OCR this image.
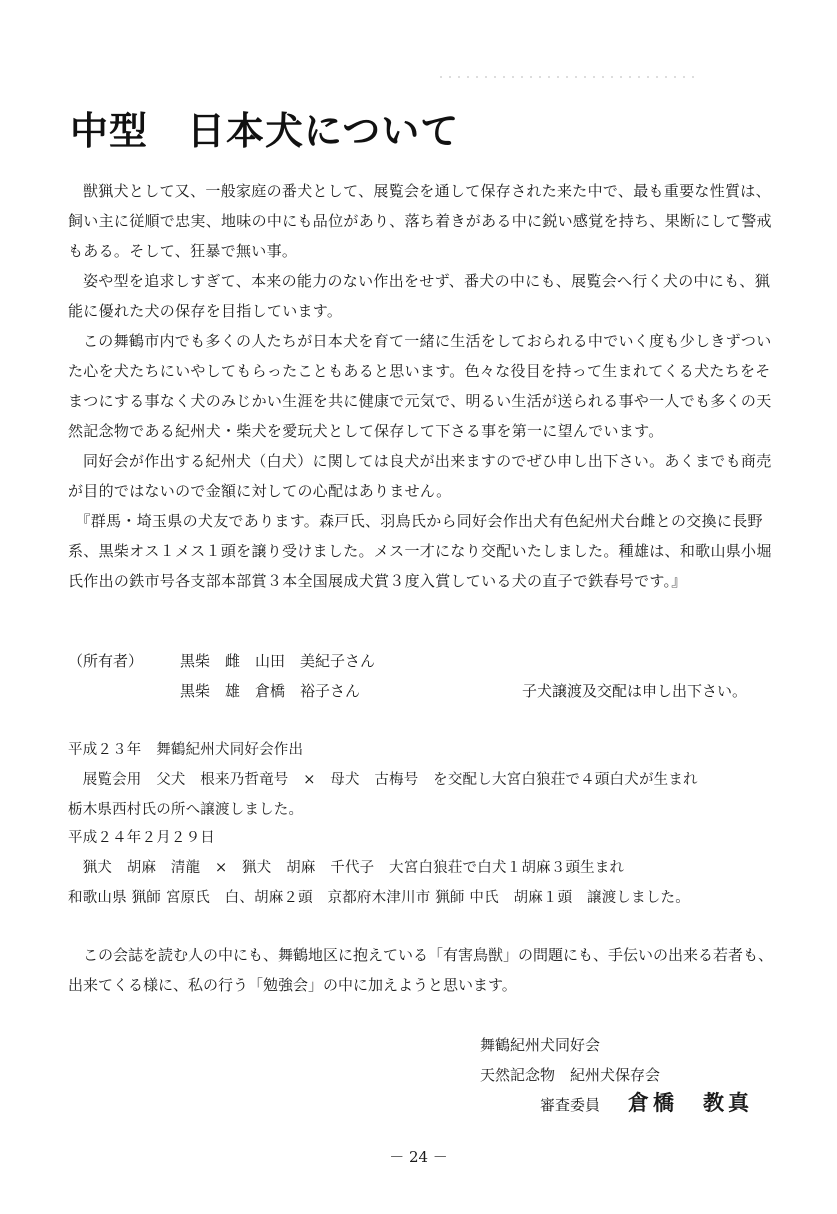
中型　日本犬について

獣猟犬として又、一般家庭の番犬として、展覧会を通して保存された来た中で、最も重要な性質は、飼い主に従順で忠実、地味の中にも品位があり、落ち着きがある中に鋭い感覚を持ち、果断にして警戒もある。そして、狂暴で無い事。

姿や型を追求しすぎて、本来の能力のない作出をせず、番犬の中にも、展覧会へ行く犬の中にも、猟能に優れた犬の保存を目指しています。

この舞鶴市内でも多くの人たちが日本犬を育て一緒に生活をしておられる中でいく度も少しきずついた心を犬たちにいやしてもらったこともあると思います。色々な役目を持って生まれてくる犬たちをそまつにする事なく犬のみじかい生涯を共に健康で元気で、明るい生活が送られる事や一人でも多くの天然記念物である紀州犬・柴犬を愛玩犬として保存して下さる事を第一に望んでいます。

同好会が作出する紀州犬（白犬）に関しては良犬が出来ますのでぜひ申し出下さい。あくまでも商売が目的ではないので金額に対しての心配はありません。

『群馬・埼玉県の犬友であります。森戸氏、羽鳥氏から同好会作出犬有色紀州犬台雌との交換に長野系、黒柴オス１メス１頭を譲り受けました。メス一才になり交配いたしました。種雄は、和歌山県小堀氏作出の鉄市号各支部本部賞３本全国展成犬賞３度入賞している犬の直子で鉄春号です。』

（所有者） 黒柴　雌　山田　美紀子さん
黒柴　雄　倉橋　裕子さん	子犬譲渡及交配は申し出下さい。
平成２３年　舞鶴紀州犬同好会作出
　展覧会用　父犬　根来乃哲竜号　×　母犬　古梅号　を交配し大宮白狼荘で４頭白犬が生まれ
栃木県西村氏の所へ譲渡しました。
平成２４年２月２９日
　猟犬　胡麻　清龍　×　猟犬　胡麻　千代子　大宮白狼荘で白犬１胡麻３頭生まれ
和歌山県 猟師 宮原氏　白、胡麻２頭　京都府木津川市 猟師 中氏　胡麻１頭　譲渡しました。

この会誌を読む人の中にも、舞鶴地区に抱えている「有害鳥獣」の問題にも、手伝いの出来る若者も、出来てくる様に、私の行う「勉強会」の中に加えようと思います。

舞鶴紀州犬同好会
天然記念物　紀州犬保存会
審査委員 倉橋　教真
－ 24 －
